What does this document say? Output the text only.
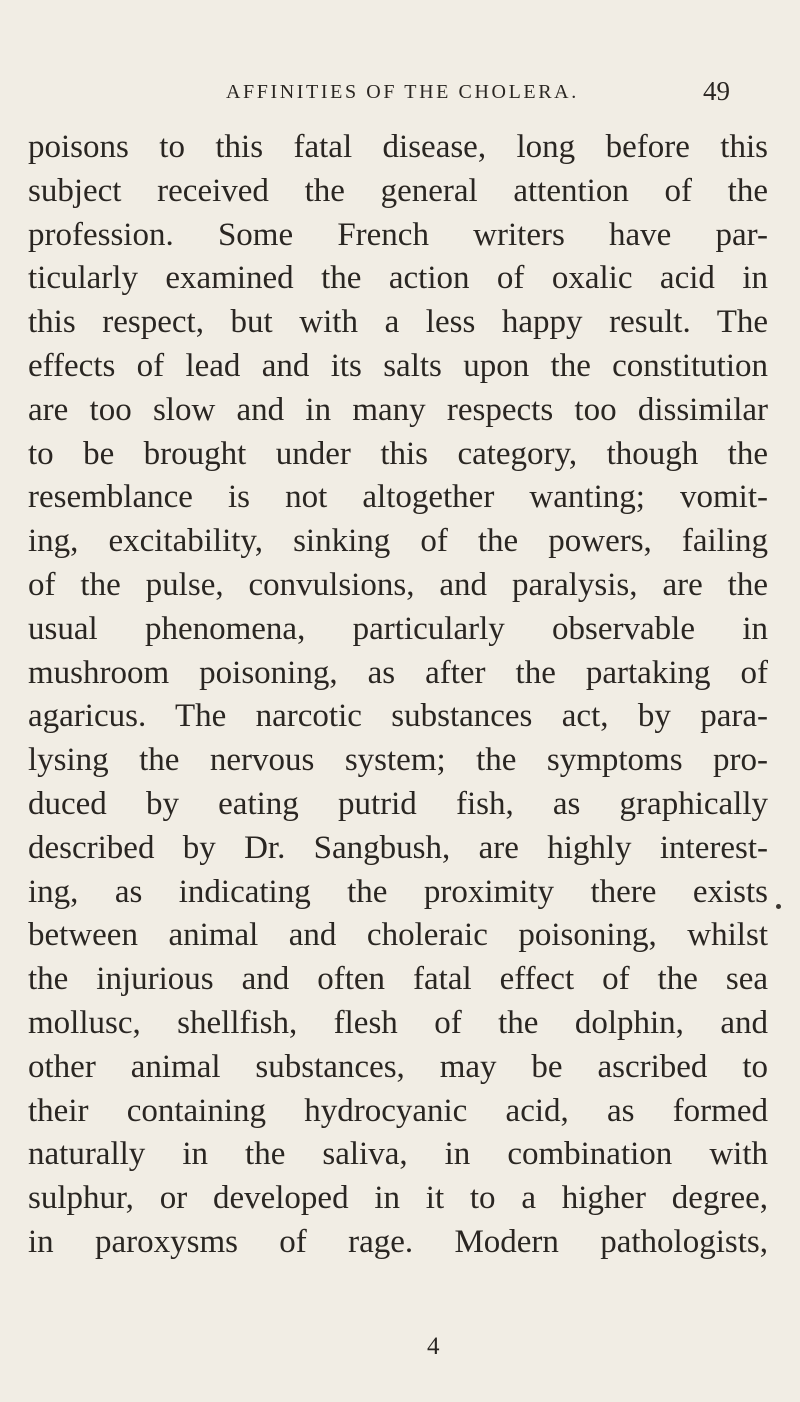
AFFINITIES OF THE CHOLERA.	49
poisons to this fatal disease, long before this
subject received the general attention of the
profession. Some French writers have par-
ticularly examined the action of oxalic acid in
this respect, but with a less happy result. The
effects of lead and its salts upon the constitution
are too slow and in many respects too dissimilar
to be brought under this category, though the
resemblance is not altogether wanting; vomit-
ing, excitability, sinking of the powers, failing
of the pulse, convulsions, and paralysis, are the
usual phenomena, particularly observable in
mushroom poisoning, as after the partaking of
agaricus. The narcotic substances act, by para-
lysing the nervous system; the symptoms pro-
duced by eating putrid fish, as graphically
described by Dr. Sangbush, are highly interest-
ing, as indicating the proximity there exists
between animal and choleraic poisoning, whilst
the injurious and often fatal effect of the sea
mollusc, shellfish, flesh of the dolphin, and
other animal substances, may be ascribed to
their containing hydrocyanic acid, as formed
naturally in the saliva, in combination with
sulphur, or developed in it to a higher degree,
in paroxysms of rage. Modern pathologists,
4
